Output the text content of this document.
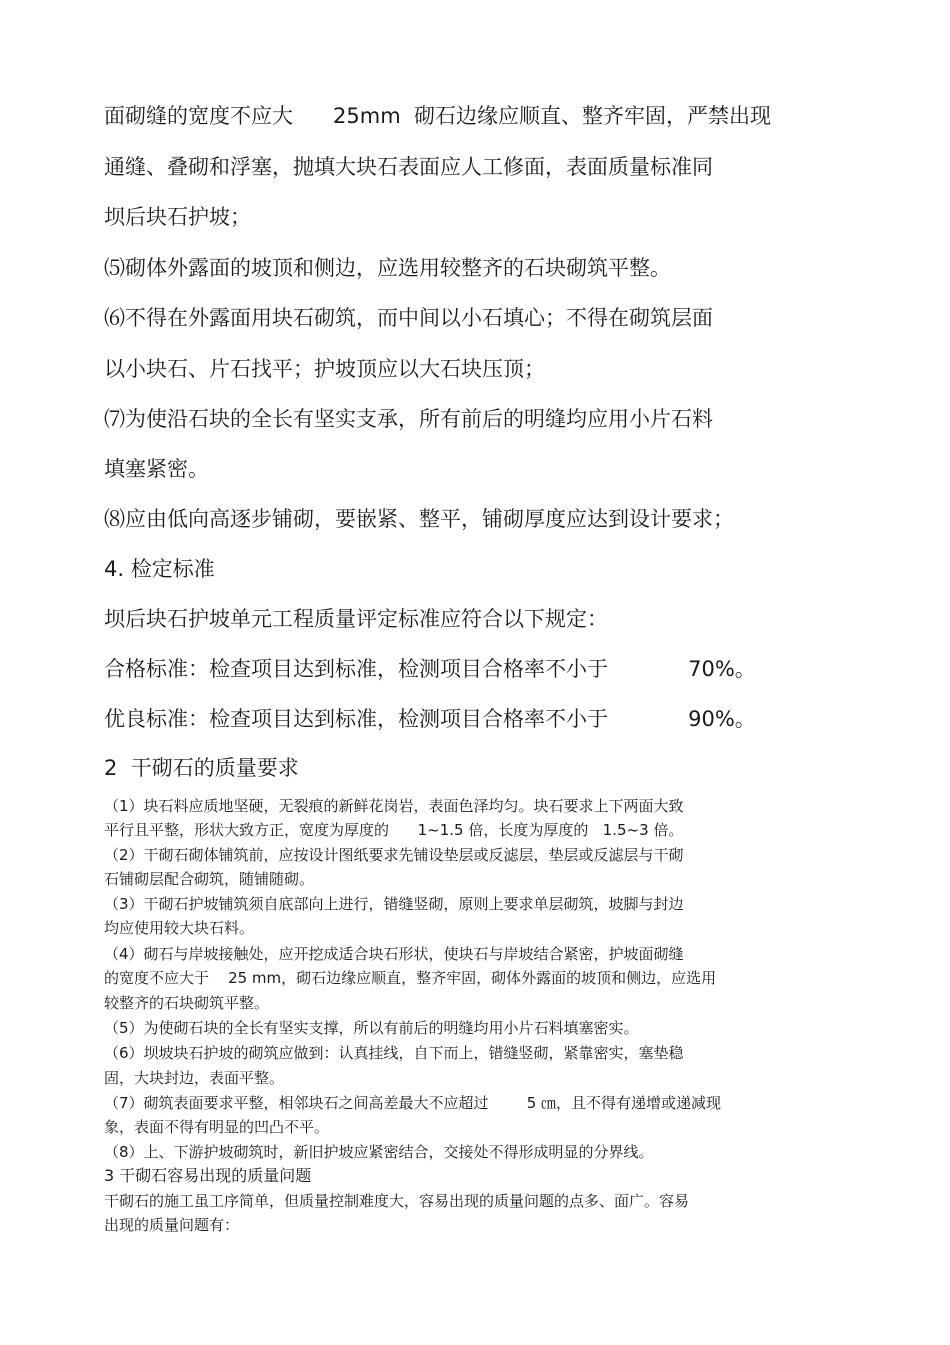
面砌缝的宽度不应大      25mm  砌石边缘应顺直、整齐牢固，严禁出现
通缝、叠砌和浮塞，抛填大块石表面应人工修面，表面质量标准同
坝后块石护坡；
⑸砌体外露面的坡顶和侧边，应选用较整齐的石块砌筑平整。
⑹不得在外露面用块石砌筑，而中间以小石填心；不得在砌筑层面
以小块石、片石找平；护坡顶应以大石块压顶；
⑺为使沿石块的全长有坚实支承，所有前后的明缝均应用小片石料
填塞紧密。
⑻应由低向高逐步铺砌，要嵌紧、整平，铺砌厚度应达到设计要求；
4. 检定标准
坝后块石护坡单元工程质量评定标准应符合以下规定：
合格标准：检查项目达到标准，检测项目合格率不小于            70%。
优良标准：检查项目达到标准，检测项目合格率不小于            90%。
2  干砌石的质量要求
（1）块石料应质地坚硬，无裂痕的新鲜花岗岩，表面色泽均匀。块石要求上下两面大致
平行且平整，形状大致方正，宽度为厚度的      1~1.5 倍，长度为厚度的   1.5~3 倍。
（2）干砌石砌体铺筑前，应按设计图纸要求先铺设垫层或反滤层，垫层或反滤层与干砌
石铺砌层配合砌筑，随铺随砌。
（3）干砌石护坡铺筑须自底部向上进行，错缝竖砌，原则上要求单层砌筑，坡脚与封边
均应使用较大块石料。
（4）砌石与岸坡接触处，应开挖成适合块石形状，使块石与岸坡结合紧密，护坡面砌缝
的宽度不应大于    25 mm，砌石边缘应顺直，整齐牢固，砌体外露面的坡顶和侧边，应选用
较整齐的石块砌筑平整。
（5）为使砌石块的全长有坚实支撑，所以有前后的明缝均用小片石料填塞密实。
（6）坝坡块石护坡的砌筑应做到：认真挂线，自下而上，错缝竖砌，紧靠密实，塞垫稳
固，大块封边，表面平整。
（7）砌筑表面要求平整，相邻块石之间高差最大不应超过        5 ㎝，且不得有递增或递减现
象，表面不得有明显的凹凸不平。
（8）上、下游护坡砌筑时，新旧护坡应紧密结合，交接处不得形成明显的分界线。
3 干砌石容易出现的质量问题
干砌石的施工虽工序简单，但质量控制难度大，容易出现的质量问题的点多、面广。容易
出现的质量问题有：
